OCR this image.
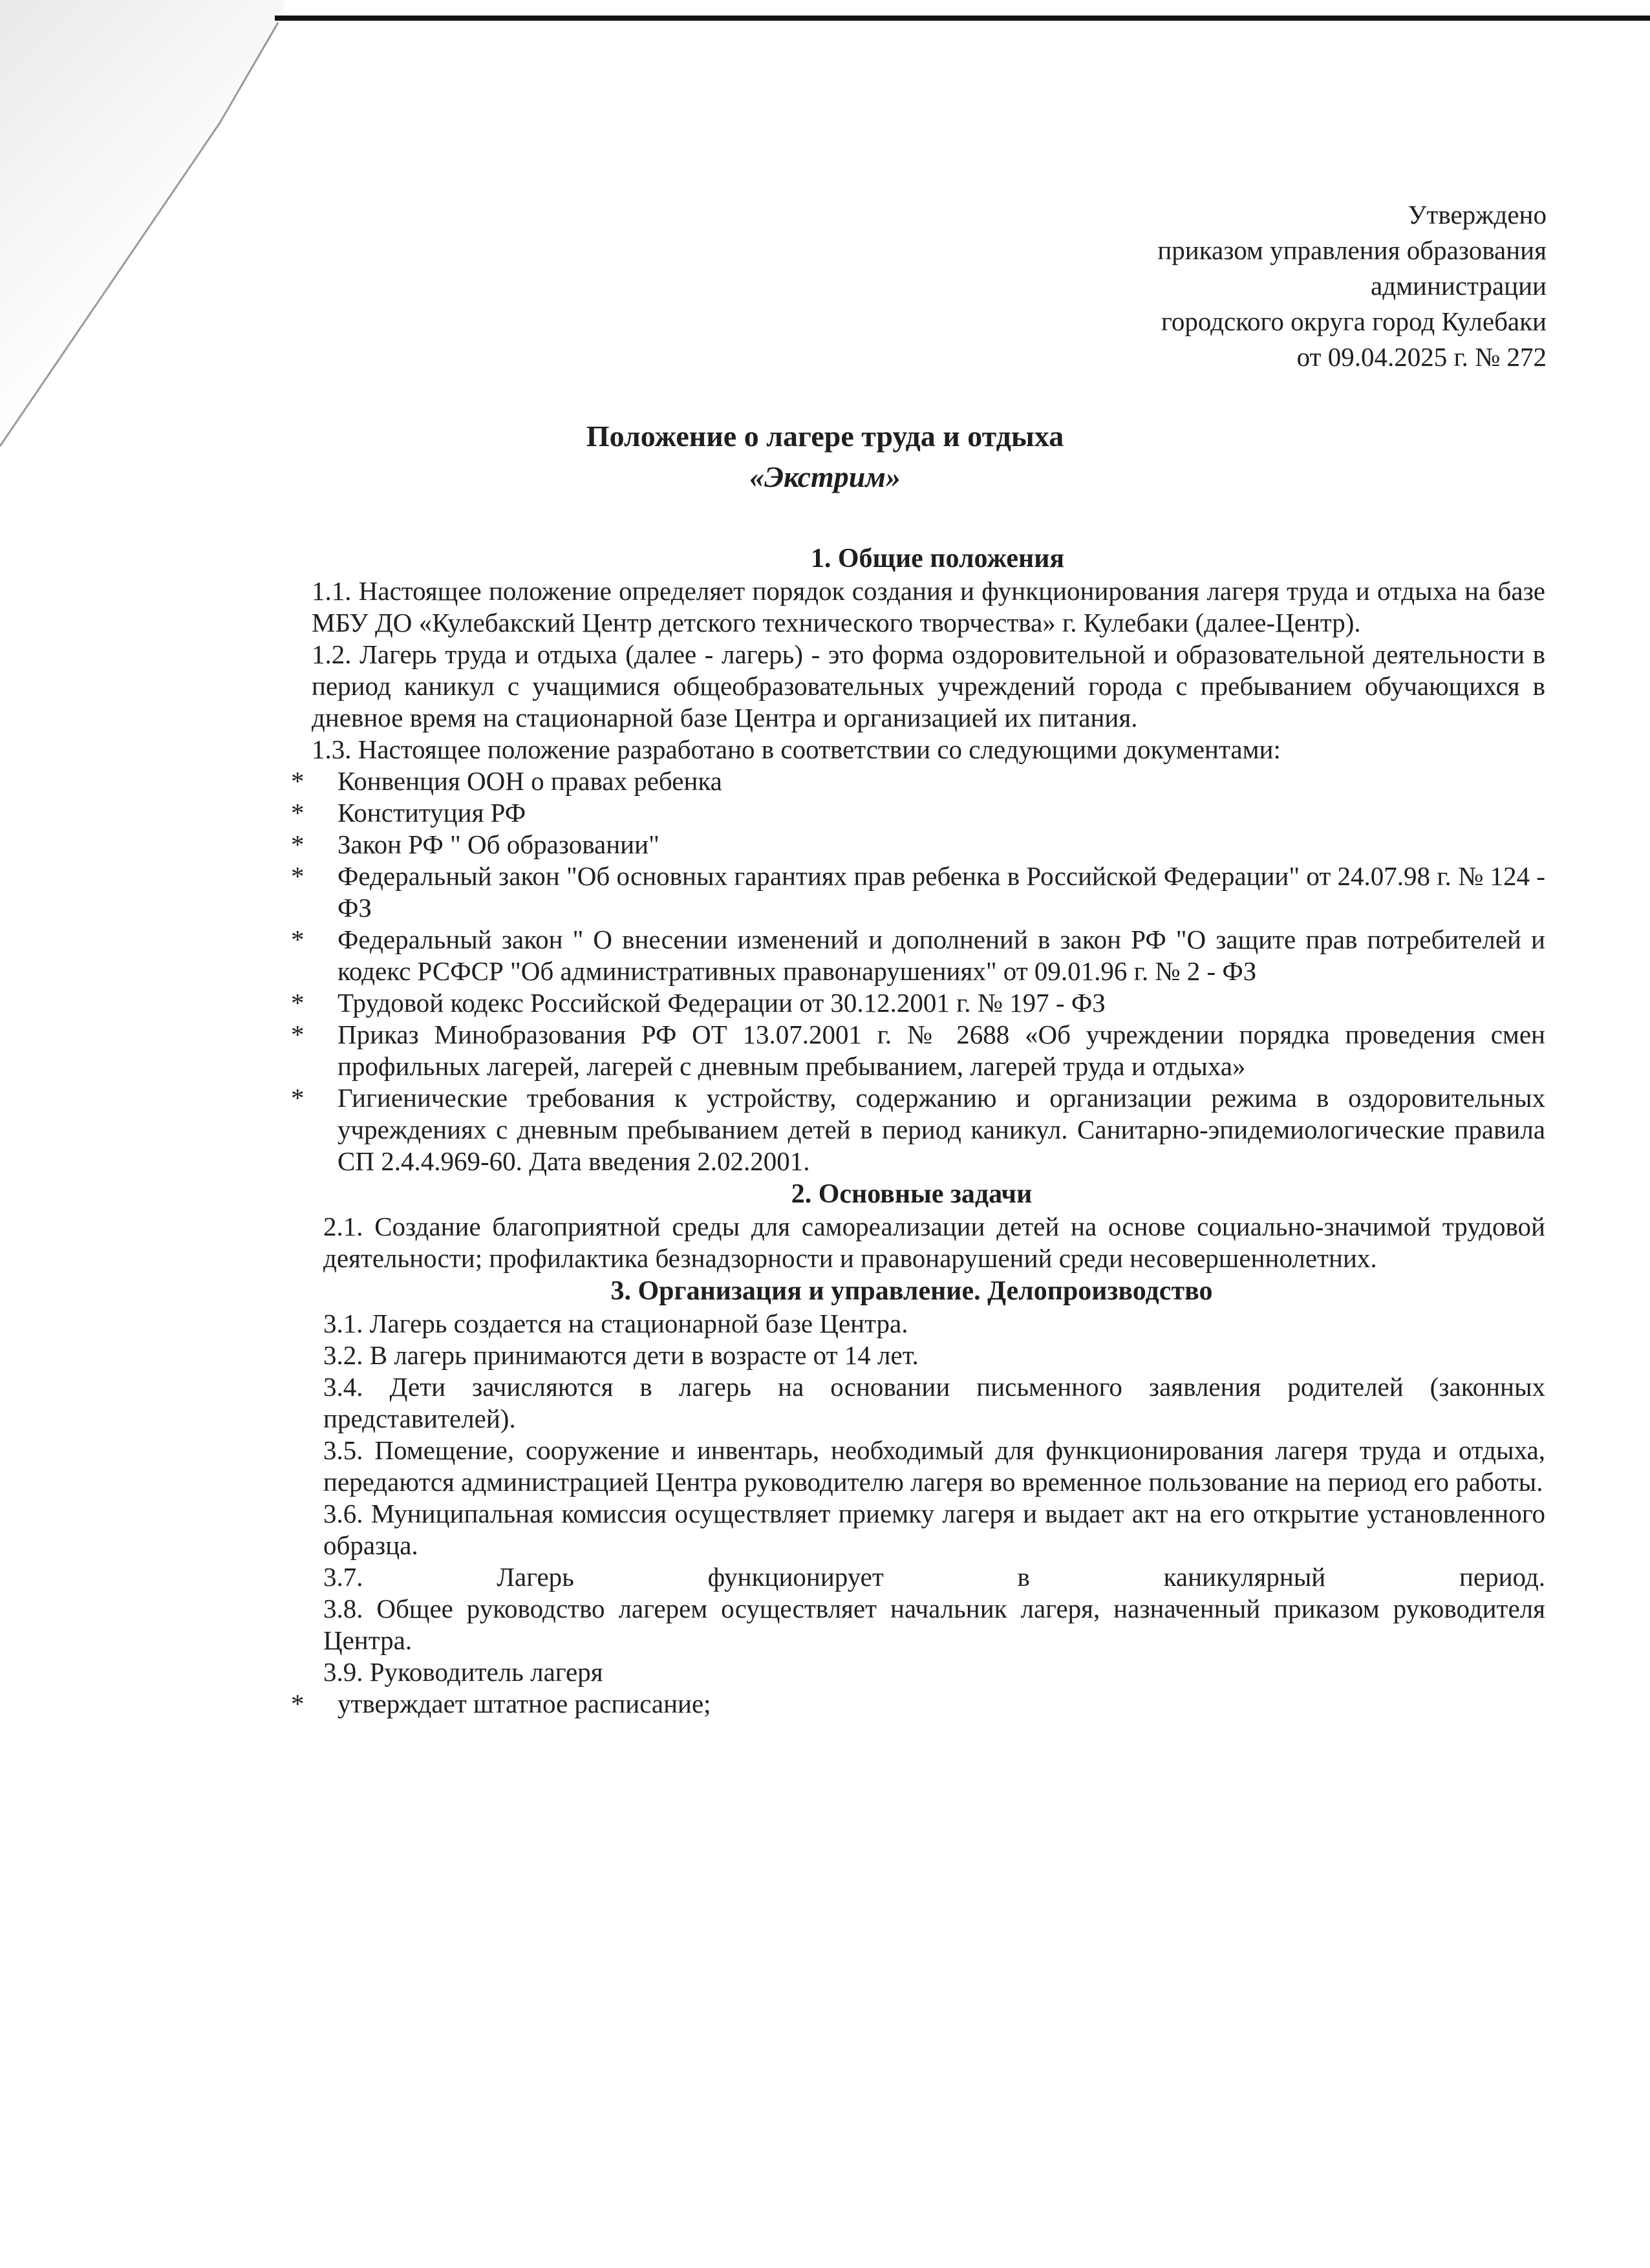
Утверждено
приказом управления образования
администрации
городского округа город Кулебаки
от 09.04.2025 г. № 272
Положение о лагере труда и отдыха
«Экстрим»

1. Общие положения

1.1. Настоящее положение определяет порядок создания и функционирования лагеря труда и отдыха на базе МБУ ДО «Кулебакский Центр детского технического творчества» г. Кулебаки (далее-Центр).

1.2. Лагерь труда и отдыха (далее - лагерь) - это форма оздоровительной и образовательной деятельности в период каникул с учащимися общеобразовательных учреждений города с пребыванием обучающихся в дневное время на стационарной базе Центра и организацией их питания.

1.3. Настоящее положение разработано в соответствии со следующими документами:

* Конвенция ООН о правах ребенка
* Конституция РФ
* Закон РФ " Об образовании"
* Федеральный закон "Об основных гарантиях прав ребенка в Российской Федерации" от 24.07.98 г. № 124 - ФЗ
* Федеральный закон " О внесении изменений и дополнений в закон РФ "О защите прав потребителей и кодекс РСФСР "Об административных правонарушениях" от 09.01.96 г. № 2 - ФЗ
* Трудовой кодекс Российской Федерации от 30.12.2001 г. № 197 - ФЗ
* Приказ Минобразования РФ ОТ 13.07.2001 г. № 2688 «Об учреждении порядка проведения смен профильных лагерей, лагерей с дневным пребыванием, лагерей труда и отдыха»
* Гигиенические требования к устройству, содержанию и организации режима в оздоровительных учреждениях с дневным пребыванием детей в период каникул. Санитарно-эпидемиологические правила СП 2.4.4.969-60. Дата введения 2.02.2001.

2. Основные задачи

2.1. Создание благоприятной среды для самореализации детей на основе социально-значимой трудовой деятельности; профилактика безнадзорности и правонарушений среди несовершеннолетних.

3. Организация и управление. Делопроизводство

3.1. Лагерь создается на стационарной базе Центра.

3.2. В лагерь принимаются дети в возрасте от 14 лет.

3.4. Дети зачисляются в лагерь на основании письменного заявления родителей (законных представителей).

3.5. Помещение, сооружение и инвентарь, необходимый для функционирования лагеря труда и отдыха, передаются администрацией Центра руководителю лагеря во временное пользование на период его работы.

3.6. Муниципальная комиссия осуществляет приемку лагеря и выдает акт на его открытие установленного образца.

3.7.	Лагерь	функционирует	в	каникулярный	период.

3.8. Общее руководство лагерем осуществляет начальник лагеря, назначенный приказом руководителя Центра.

3.9. Руководитель лагеря

* утверждает штатное расписание;
